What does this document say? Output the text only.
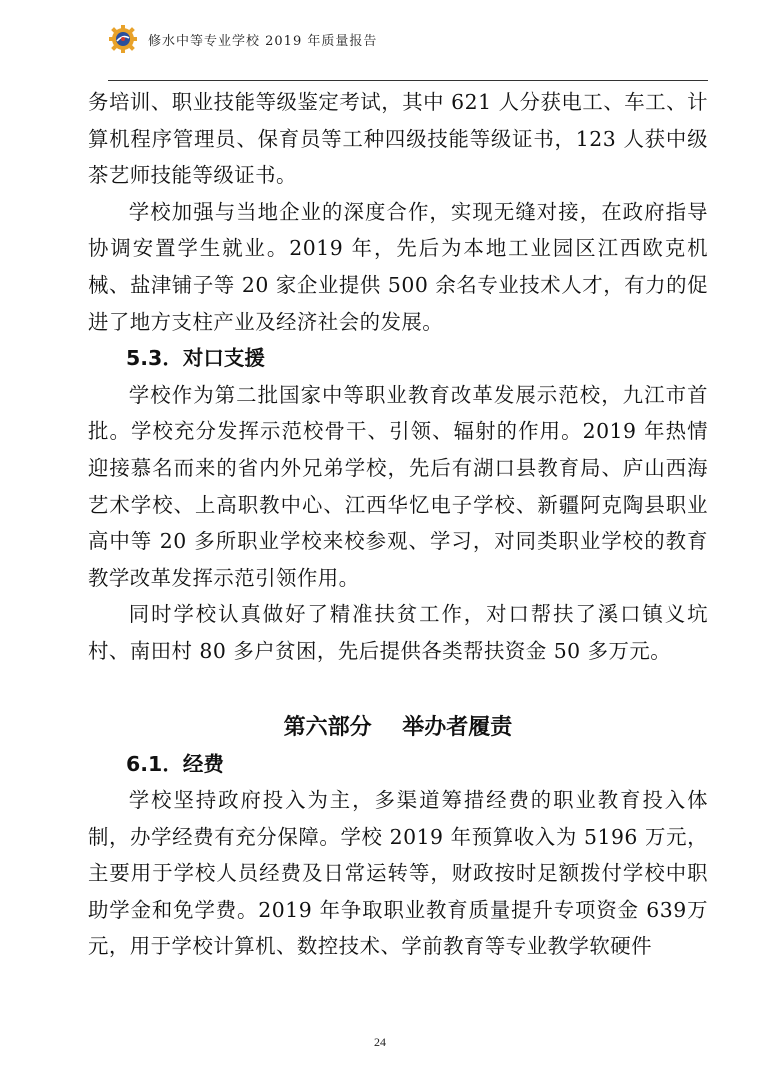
修水中等专业学校 2019 年质量报告

务培训、职业技能等级鉴定考试，其中 621 人分获电工、车工、计算机程序管理员、保育员等工种四级技能等级证书，123 人获中级茶艺师技能等级证书。

学校加强与当地企业的深度合作，实现无缝对接，在政府指导协调安置学生就业。2019 年，先后为本地工业园区江西欧克机械、盐津铺子等 20 家企业提供 500 余名专业技术人才，有力的促进了地方支柱产业及经济社会的发展。

5.3．对口支援

学校作为第二批国家中等职业教育改革发展示范校，九江市首批。学校充分发挥示范校骨干、引领、辐射的作用。2019 年热情迎接慕名而来的省内外兄弟学校，先后有湖口县教育局、庐山西海艺术学校、上高职教中心、江西华忆电子学校、新疆阿克陶县职业高中等 20 多所职业学校来校参观、学习，对同类职业学校的教育教学改革发挥示范引领作用。

同时学校认真做好了精准扶贫工作，对口帮扶了溪口镇义坑村、南田村 80 多户贫困，先后提供各类帮扶资金 50 多万元。

第六部分    举办者履责
6.1．经费

学校坚持政府投入为主，多渠道筹措经费的职业教育投入体制，办学经费有充分保障。学校 2019 年预算收入为 5196 万元，主要用于学校人员经费及日常运转等，财政按时足额拨付学校中职助学金和免学费。2019 年争取职业教育质量提升专项资金 639万元，用于学校计算机、数控技术、学前教育等专业教学软硬件

24
